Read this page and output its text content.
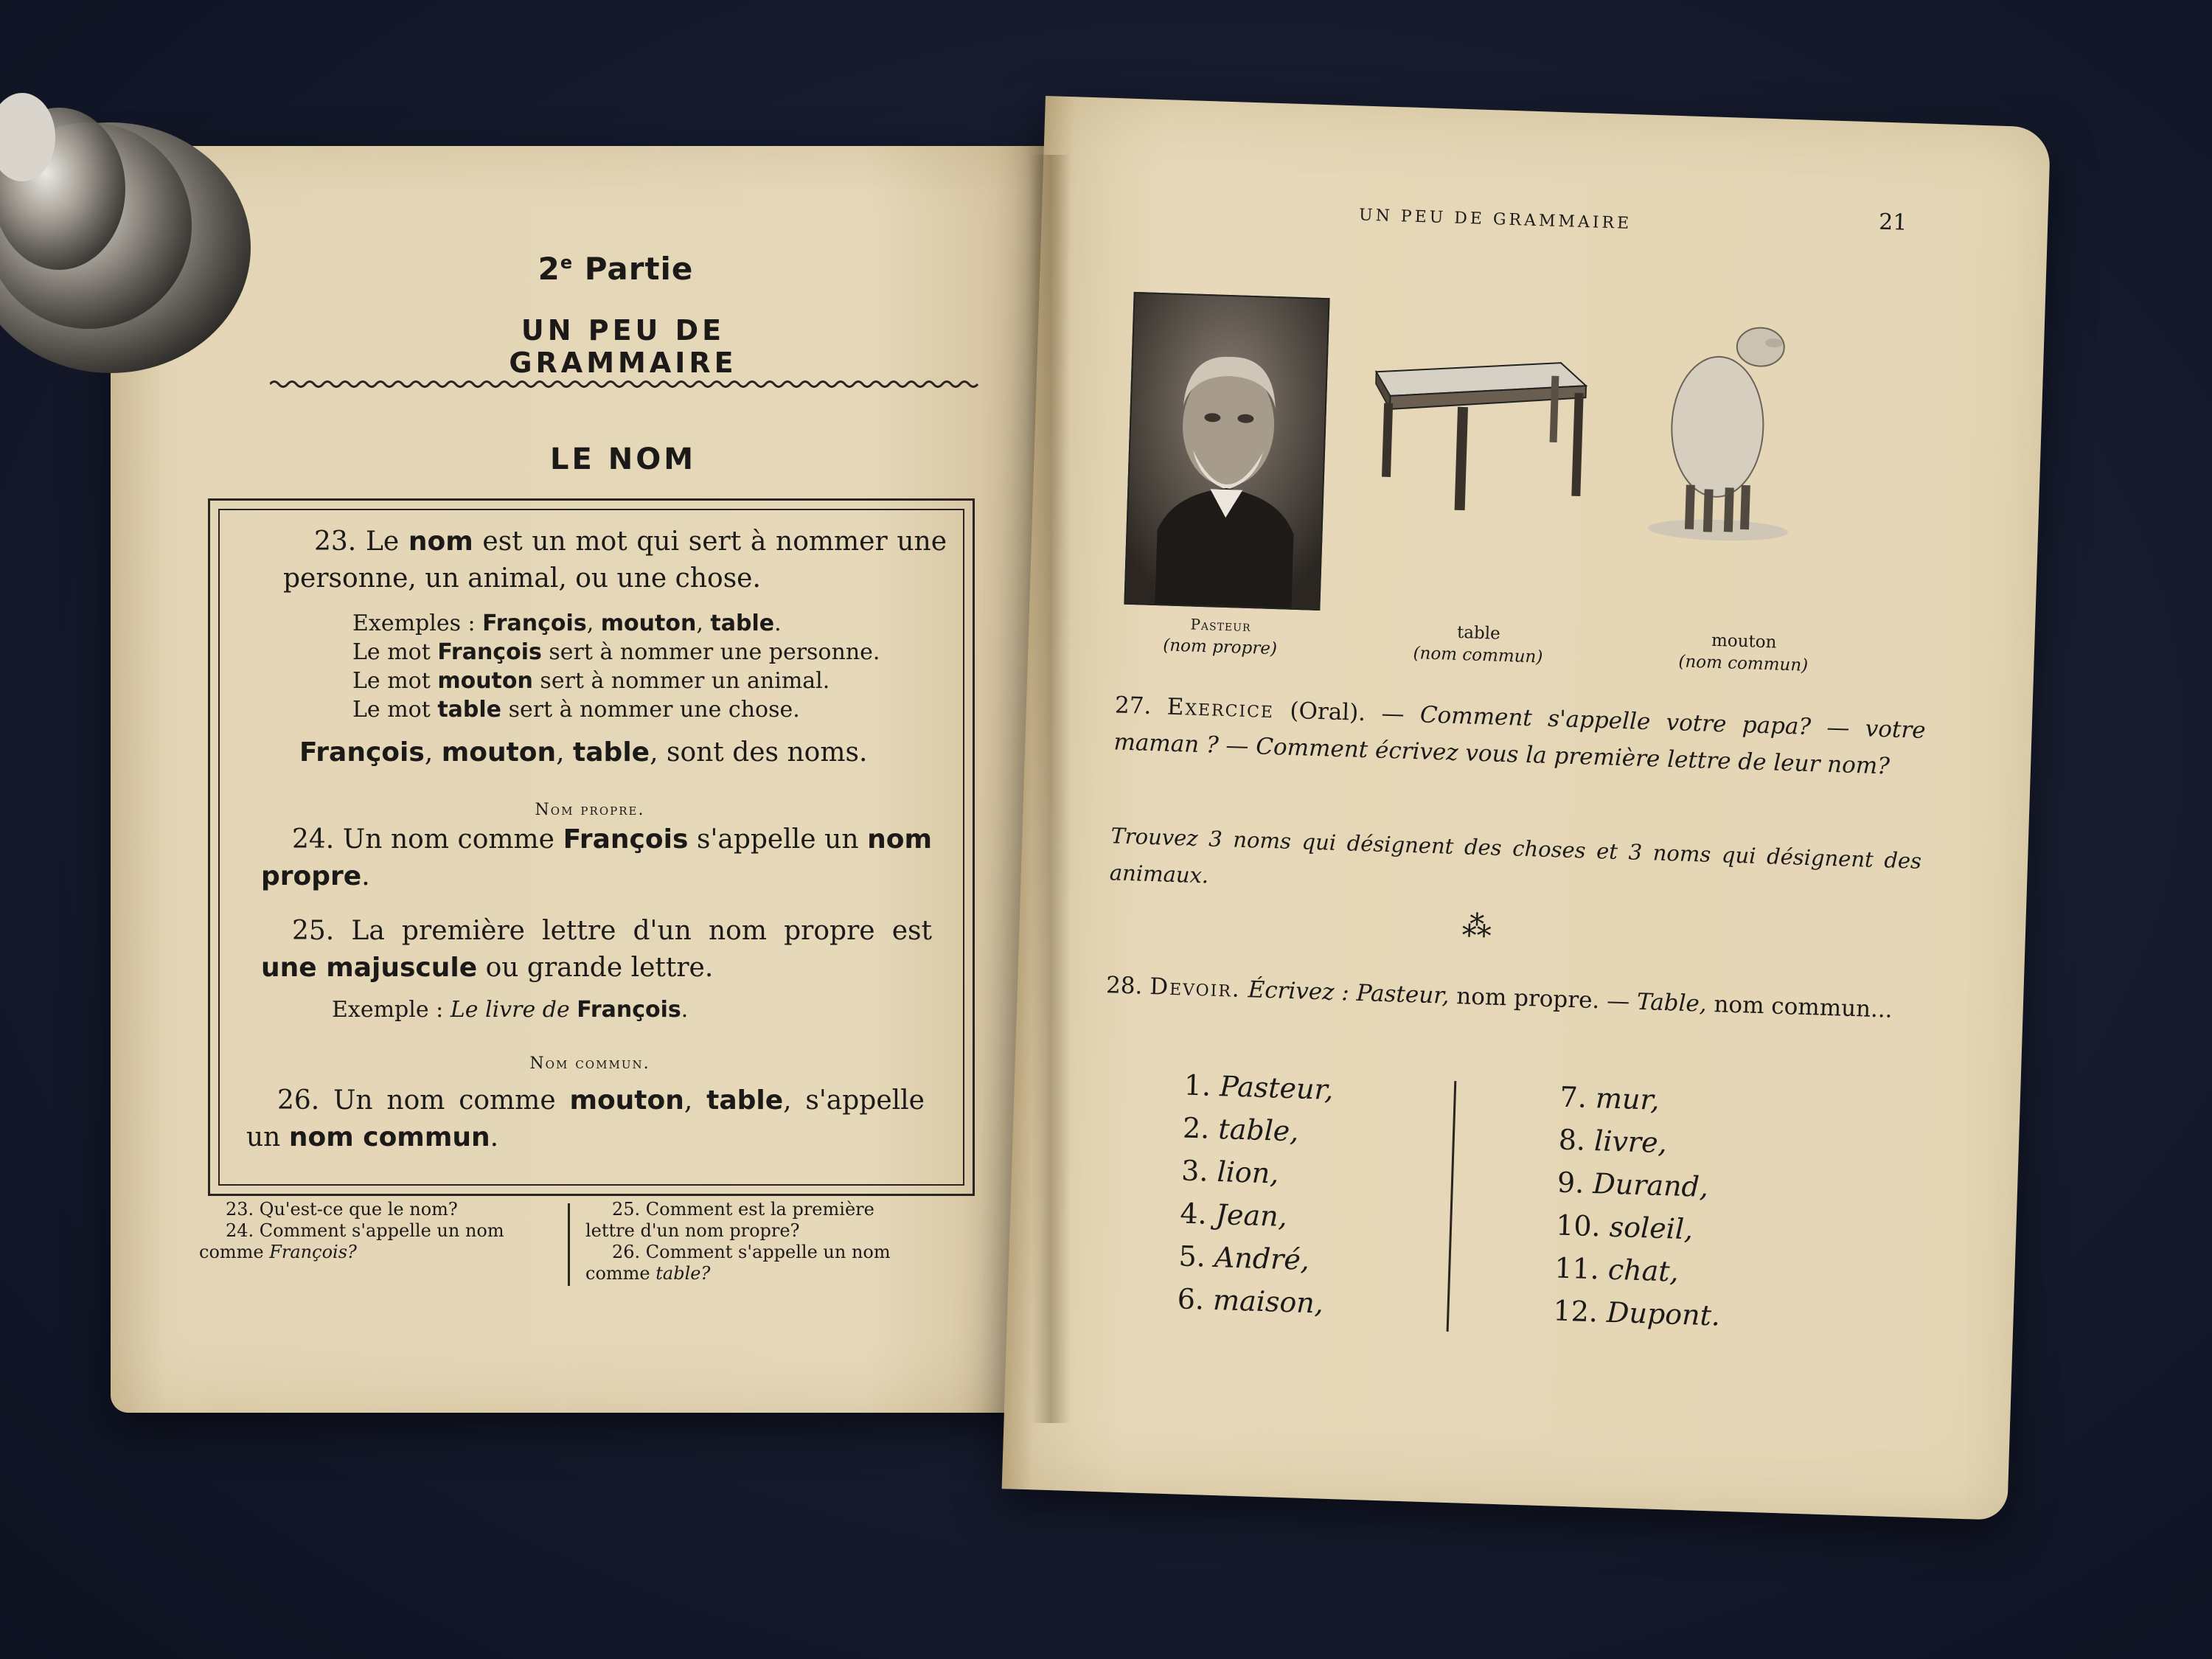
UN PEU DE GRAMMAIRE	21
Pasteur
(nom propre)
table
(nom commun)
mouton
(nom commun)
27. Exercice (Oral). — Comment s'appelle votre papa? — votre maman ? — Comment écrivez vous la première lettre de leur nom?
Trouvez 3 noms qui désignent des choses et 3 noms qui désignent des animaux.
⁂
28. Devoir. Écrivez : Pasteur, nom propre. — Table, nom commun...
1. Pasteur,
2. table,
3. lion,
4. Jean,
5. André,
6. maison,
7. mur,
8. livre,
9. Durand,
10. soleil,
11. chat,
12. Dupont.
2e Partie
UN PEU DE GRAMMAIRE
LE NOM
23. Le nom est un mot qui sert à nommer une personne, un animal, ou une chose.
Exemples : François, mouton, table.
Le mot François sert à nommer une personne.
Le mot mouton sert à nommer un animal.
Le mot table sert à nommer une chose.
François, mouton, table, sont des noms.
Nom propre.
24. Un nom comme François s'appelle un nom propre.
25. La première lettre d'un nom propre est une majuscule ou grande lettre.
Exemple : Le livre de François.
Nom commun.
26. Un nom comme mouton, table, s'appelle un nom commun.
23. Qu'est-ce que le nom?
24. Comment s'appelle un nom
comme François?
25. Comment est la première
lettre d'un nom propre?
26. Comment s'appelle un nom
comme table?
